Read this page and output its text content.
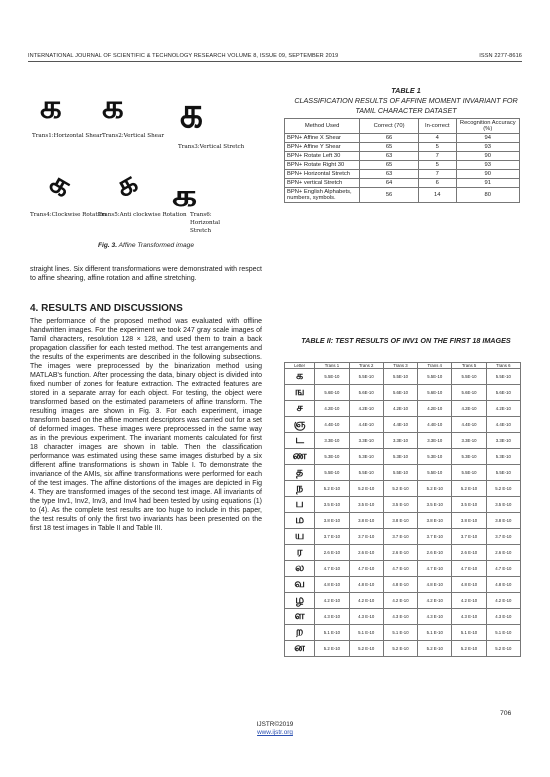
INTERNATIONAL JOURNAL OF SCIENTIFIC & TECHNOLOGY RESEARCH VOLUME 8, ISSUE 09, SEPTEMBER 2019	ISSN 2277-8616
க க க
Trans1:Horizontal Shear Trans2:Vertical Shear
Trans3:Vertical Stretch
க க க
Trans4:Clockwise Rotation
Trans5:Anti clockwise Rotation Trans6: Horizontal Stretch
Fig. 3. Affine Transformed image
straight lines. Six different transformations were demonstrated with respect to affine shearing, affine rotation and affine stretching.
4. RESULTS AND DISCUSSIONS
The performance of the proposed method was evaluated with offline handwritten images. For the experiment we took 247 gray scale images of Tamil characters, resolution 128 × 128, and used them to train a back propagation classifier for each tested method. The test arrangements and the results of the experiments are described in the following subsections. The images were preprocessed by the binarization method using MATLAB's function. After processing the data, binary object is divided into fixed number of zones for feature extraction. The extracted features are stored in a separate array for each object. For testing, the object were transformed based on the estimated parameters of affine transform. The resulting images are shown in Fig. 3. For each experiment, image transform based on the affine moment descriptors was carried out for a set of deformed images. These images were preprocessed in the same way as in the previous experiment. The invariant moments calculated for first 18 character images are shown in table. Then the classification performance was estimated using these same images disturbed by a six different affine transformations is shown in Table I. To demonstrate the invariance of the AMIs, six affine transformations were performed for each of the test images. The affine distortions of the images are depicted in Fig 4. They are transformed images of the second test image. All invariants of the type Inv1, Inv2, Inv3, and Inv4 had been tested by using equations (1) to (4). As the complete test results are too huge to include in this paper, the test results of only the first two invariants has been presented on the first 18 test images in Table II and Table III.
TABLE 1
CLASSIFICATION RESULTS OF AFFINE MOMENT INVARIANT FOR TAMIL CHARACTER DATASET
Method Used	Correct (70)	In-correct	Recognition Accuracy (%)
BPN+ Affine X Shear	66	4	94
BPN+ Affine Y Shear	65	5	93
BPN+ Rotate Left 30	63	7	90
BPN+ Rotate Right 30	65	5	93
BPN+ Horizontal Stretch	63	7	90
BPN+ vertical Stretch	64	6	91
BPN+ English Alphabets, numbers, symbols.	56	14	80
TABLE II: TEST RESULTS OF INV1 ON THE FIRST 18 IMAGES
Letter	Trans 1	Trans 2	Trans 3	Trans 4	Trans 5	Trans 6
க	5.5E-10	5.5E-10	5.5E-10	5.5E-10	5.5E-10	5.5E-10
ங	5.6E-10	5.6E-10	5.6E-10	5.6E-10	5.6E-10	5.6E-10
ச	4.2E-10	4.2E-10	4.2E-10	4.2E-10	4.2E-10	4.2E-10
ஞ	4.4E-10	4.4E-10	4.4E-10	4.4E-10	4.4E-10	4.4E-10
ட	3.3E-10	3.3E-10	3.3E-10	3.3E-10	3.3E-10	3.3E-10
ண	5.3E-10	5.3E-10	5.3E-10	5.3E-10	5.3E-10	5.3E-10
த	5.5E-10	5.5E-10	5.5E-10	5.5E-10	5.5E-10	5.5E-10
ந	5.2 E-10	5.2 E-10	5.2 E-10	5.2 E-10	5.2 E-10	5.2 E-10
ப	3.5 E-10	3.5 E-10	3.5 E-10	3.5 E-10	3.5 E-10	3.5 E-10
ம	3.8 E-10	3.8 E-10	3.8 E-10	3.8 E-10	3.8 E-10	3.8 E-10
ய	3.7 E-10	3.7 E-10	3.7 E-10	3.7 E-10	3.7 E-10	3.7 E-10
ர	2.6 E-10	2.6 E-10	2.6 E-10	2.6 E-10	2.6 E-10	2.6 E-10
ல	4.7 E-10	4.7 E-10	4.7 E-10	4.7 E-10	4.7 E-10	4.7 E-10
வ	4.8 E-10	4.8 E-10	4.8 E-10	4.8 E-10	4.8 E-10	4.8 E-10
ழ	4.2 E-10	4.2 E-10	4.2 E-10	4.2 E-10	4.2 E-10	4.2 E-10
ள	4.3 E-10	4.3 E-10	4.3 E-10	4.3 E-10	4.3 E-10	4.3 E-10
ற	5.1 E-10	5.1 E-10	5.1 E-10	5.1 E-10	5.1 E-10	5.1 E-10
ன	5.2 E-10	5.2 E-10	5.2 E-10	5.2 E-10	5.2 E-10	5.2 E-10
706
IJSTR©2019
www.ijstr.org
